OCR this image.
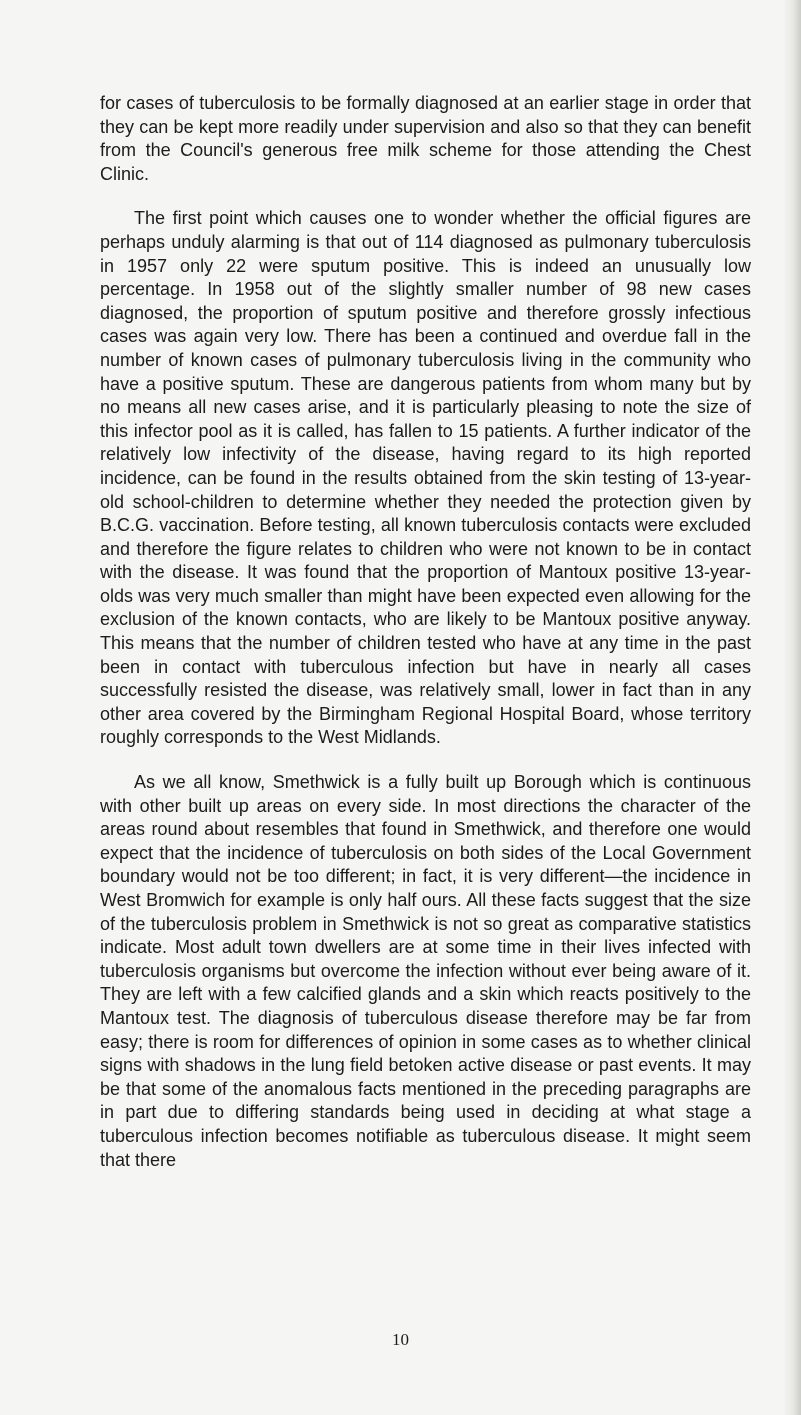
for cases of tuberculosis to be formally diagnosed at an earlier stage in order that they can be kept more readily under supervision and also so that they can benefit from the Council's generous free milk scheme for those attending the Chest Clinic.

The first point which causes one to wonder whether the official figures are perhaps unduly alarming is that out of 114 diagnosed as pulmonary tuberculosis in 1957 only 22 were sputum positive. This is indeed an unusually low percentage. In 1958 out of the slightly smaller number of 98 new cases diagnosed, the proportion of sputum positive and therefore grossly infectious cases was again very low. There has been a continued and overdue fall in the number of known cases of pulmonary tuberculosis living in the community who have a positive sputum. These are dangerous patients from whom many but by no means all new cases arise, and it is particularly pleasing to note the size of this infector pool as it is called, has fallen to 15 patients. A further indicator of the relatively low infectivity of the disease, having regard to its high reported incidence, can be found in the results obtained from the skin testing of 13-year-old school-children to determine whether they needed the protection given by B.C.G. vaccination. Before testing, all known tuberculosis contacts were excluded and therefore the figure relates to children who were not known to be in contact with the disease. It was found that the proportion of Mantoux positive 13-year-olds was very much smaller than might have been expected even allowing for the exclusion of the known contacts, who are likely to be Mantoux positive anyway. This means that the number of children tested who have at any time in the past been in contact with tuberculous infection but have in nearly all cases successfully resisted the disease, was relatively small, lower in fact than in any other area covered by the Birmingham Regional Hospital Board, whose territory roughly corresponds to the West Midlands.

As we all know, Smethwick is a fully built up Borough which is continuous with other built up areas on every side. In most directions the character of the areas round about resembles that found in Smethwick, and therefore one would expect that the incidence of tuberculosis on both sides of the Local Government boundary would not be too different; in fact, it is very different—the incidence in West Bromwich for example is only half ours. All these facts suggest that the size of the tuberculosis problem in Smethwick is not so great as comparative statistics indicate. Most adult town dwellers are at some time in their lives infected with tuberculosis organisms but overcome the infection without ever being aware of it. They are left with a few calcified glands and a skin which reacts positively to the Mantoux test. The diagnosis of tuberculous disease therefore may be far from easy; there is room for differences of opinion in some cases as to whether clinical signs with shadows in the lung field betoken active disease or past events. It may be that some of the anomalous facts mentioned in the preceding paragraphs are in part due to differing standards being used in deciding at what stage a tuberculous infection becomes notifiable as tuberculous disease. It might seem that there

10
